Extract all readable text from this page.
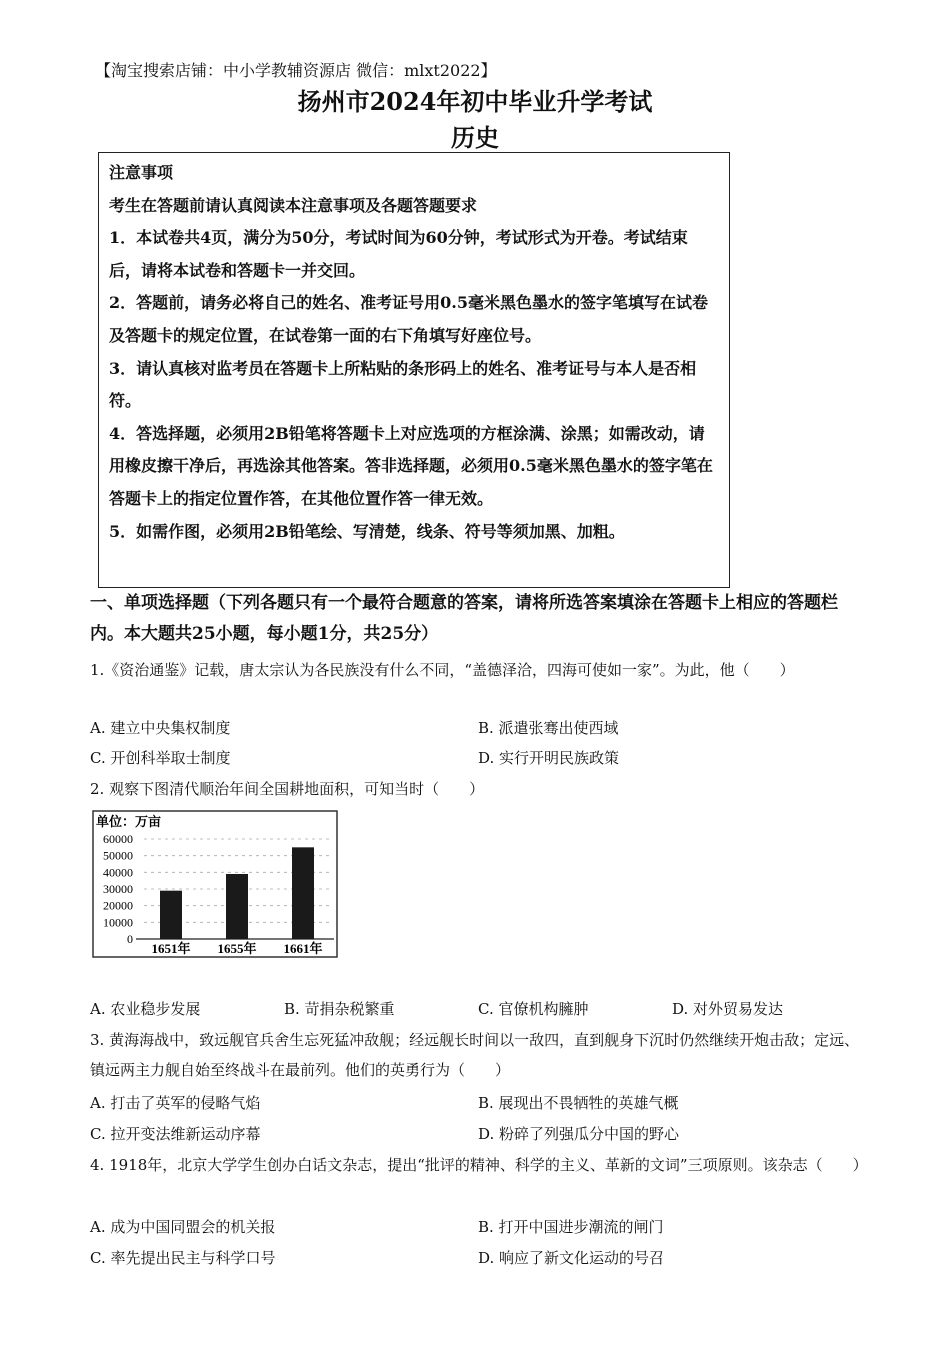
【淘宝搜索店铺：中小学教辅资源店 微信：mlxt2022】
扬州市2024年初中毕业升学考试
历史

注意事项

考生在答题前请认真阅读本注意事项及各题答题要求

1．本试卷共4页，满分为50分，考试时间为60分钟，考试形式为开卷。考试结束后，请将本试卷和答题卡一并交回。

2．答题前，请务必将自己的姓名、准考证号用0.5毫米黑色墨水的签字笔填写在试卷及答题卡的规定位置，在试卷第一面的右下角填写好座位号。

3．请认真核对监考员在答题卡上所粘贴的条形码上的姓名、准考证号与本人是否相符。

4．答选择题，必须用2B铅笔将答题卡上对应选项的方框涂满、涂黑；如需改动，请用橡皮擦干净后，再选涂其他答案。答非选择题，必须用0.5毫米黑色墨水的签字笔在答题卡上的指定位置作答，在其他位置作答一律无效。

5．如需作图，必须用2B铅笔绘、写清楚，线条、符号等须加黑、加粗。

一、单项选择题（下列各题只有一个最符合题意的答案，请将所选答案填涂在答题卡上相应的答题栏内。本大题共25小题，每小题1分，共25分）
1.《资治通鉴》记载，唐太宗认为各民族没有什么不同，“盖德泽洽，四海可使如一家”。为此，他（　　）
A. 建立中央集权制度	B. 派遣张骞出使西域
C. 开创科举取士制度	D. 实行开明民族政策
2. 观察下图清代顺治年间全国耕地面积，可知当时（　　）
单位：万亩
60000
50000
40000
30000
20000
10000
0
1651年 1655年 1661年
A. 农业稳步发展	B. 苛捐杂税繁重	C. 官僚机构臃肿	D. 对外贸易发达
3. 黄海海战中，致远舰官兵舍生忘死猛冲敌舰；经远舰长时间以一敌四，直到舰身下沉时仍然继续开炮击敌；定远、镇远两主力舰自始至终战斗在最前列。他们的英勇行为（　　）
A. 打击了英军的侵略气焰	B. 展现出不畏牺牲的英雄气概
C. 拉开变法维新运动序幕	D. 粉碎了列强瓜分中国的野心
4. 1918年，北京大学学生创办白话文杂志，提出“批评的精神、科学的主义、革新的文词”三项原则。该杂志（　　）
A. 成为中国同盟会的机关报	B. 打开中国进步潮流的闸门
C. 率先提出民主与科学口号	D. 响应了新文化运动的号召
